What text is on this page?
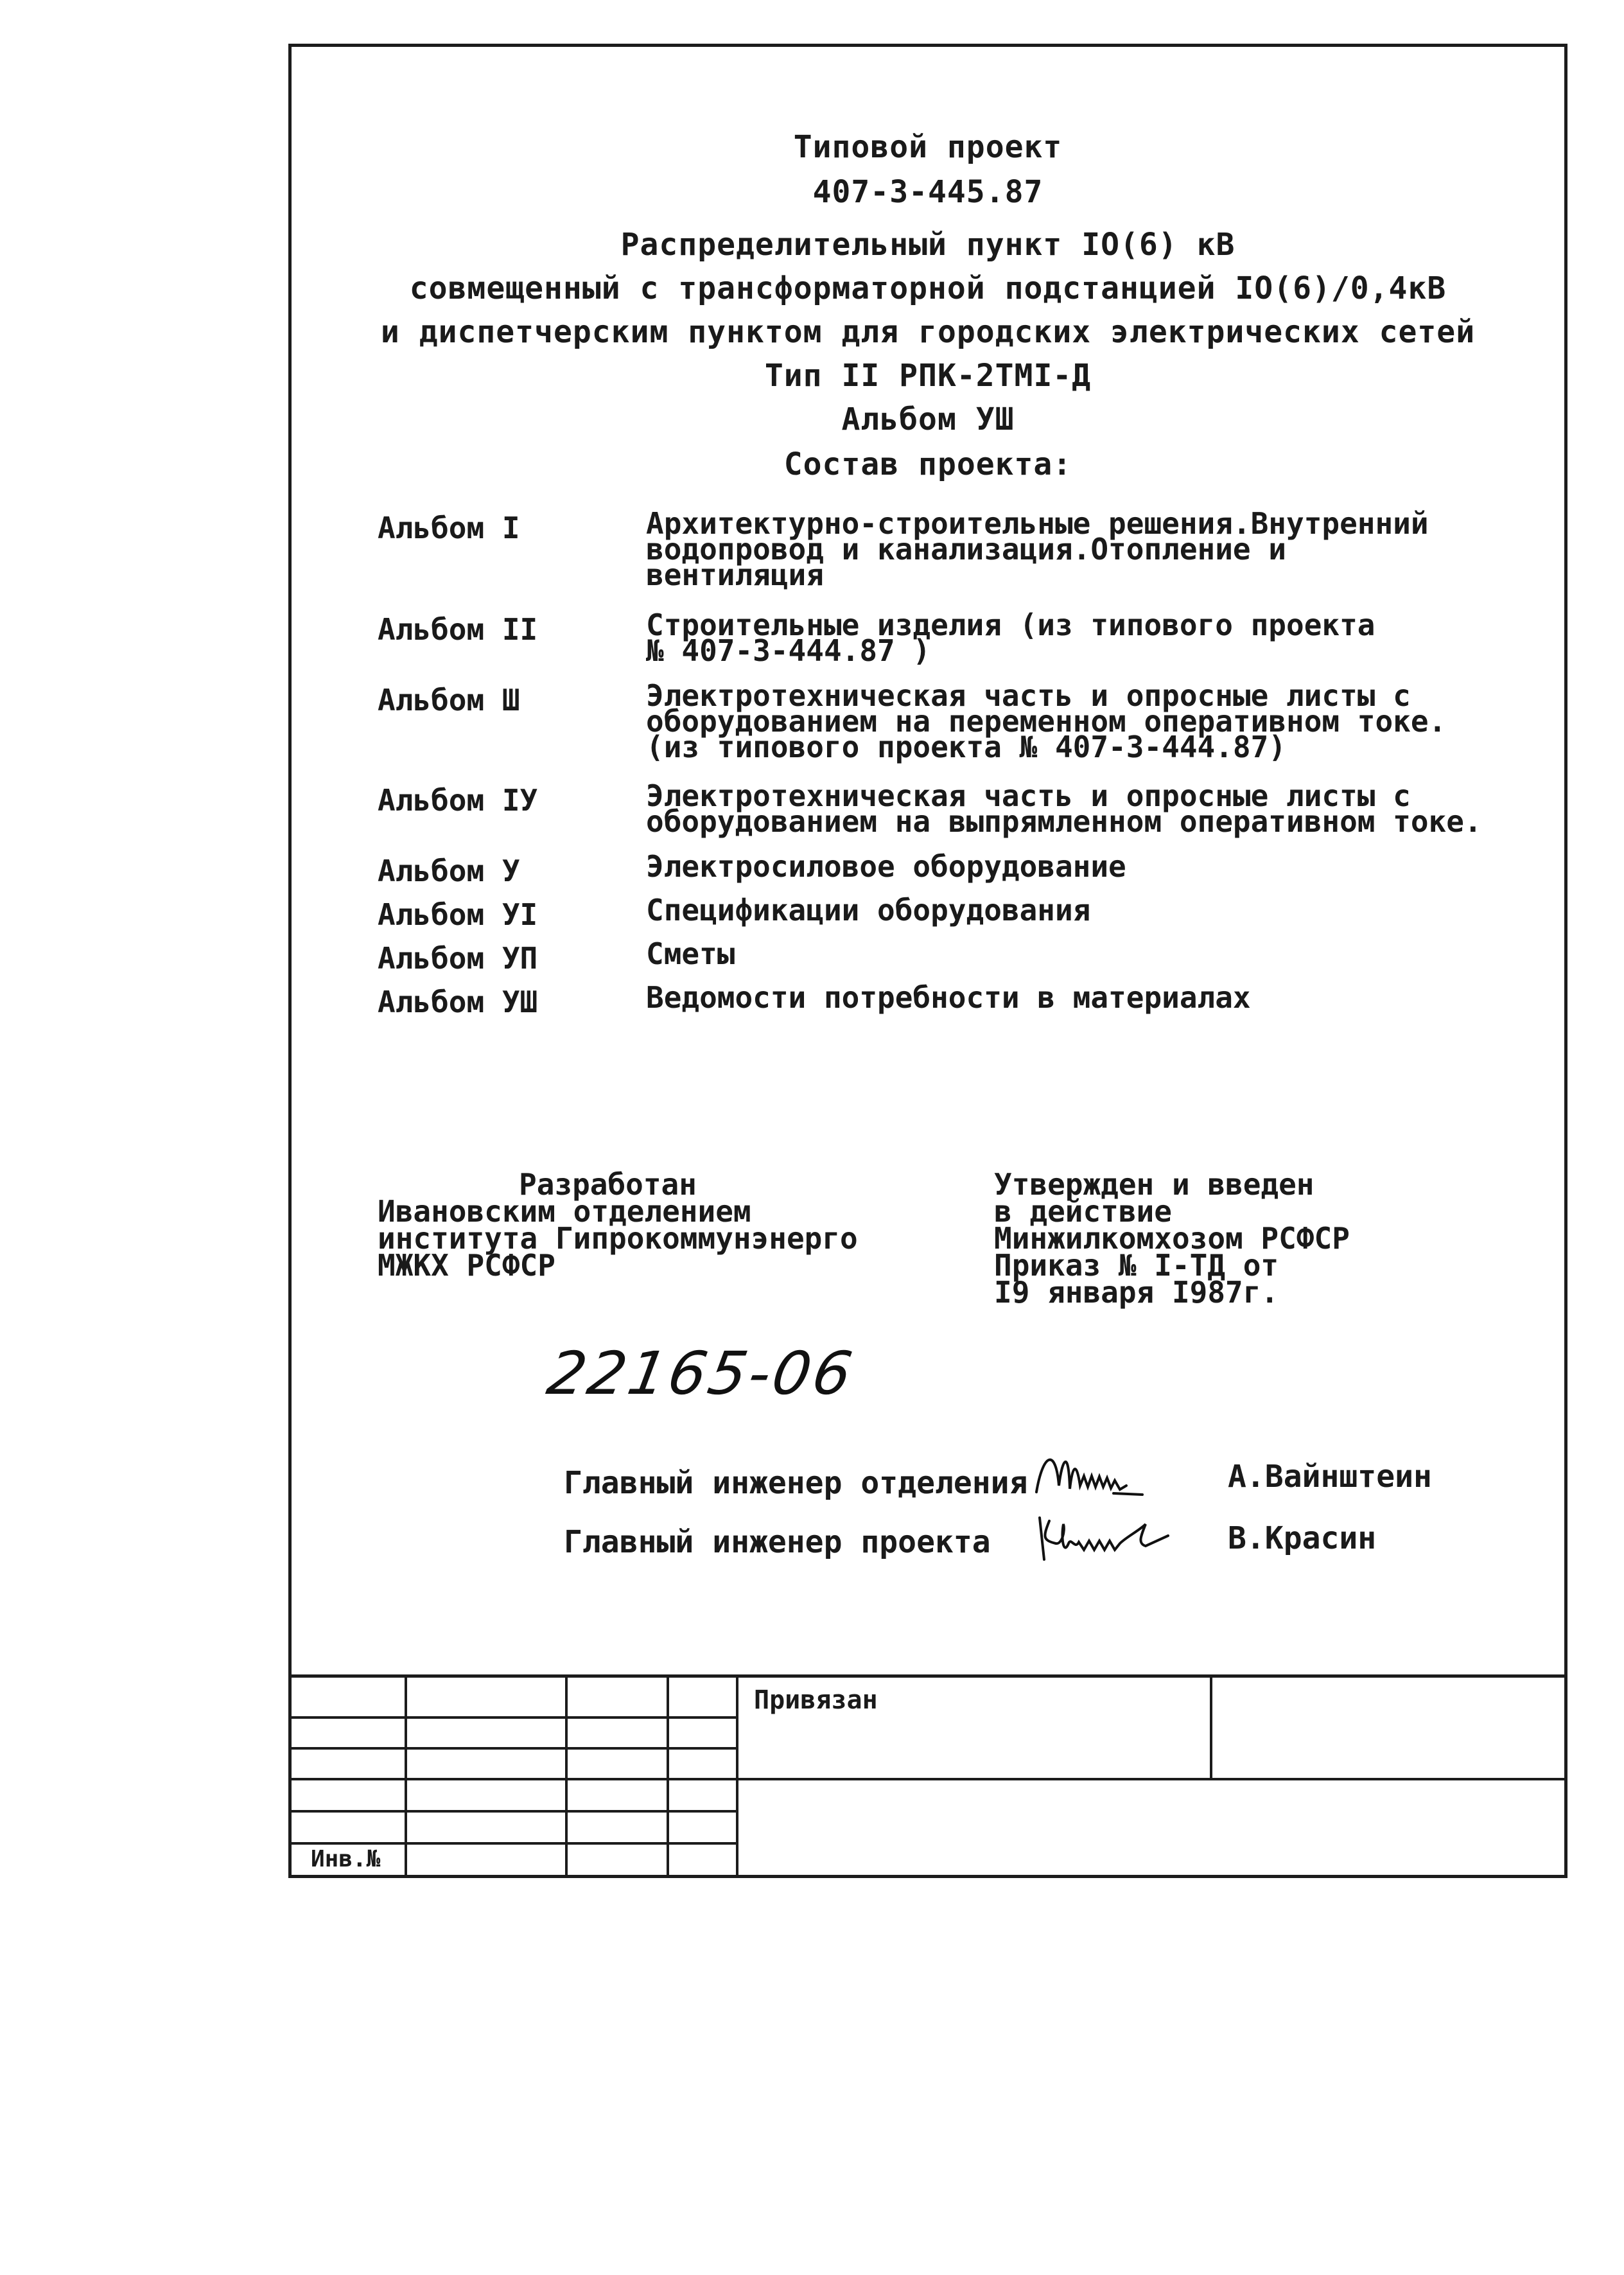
Типовой проект
407-3-445.87
Распределительный пункт IO(6) кВ
совмещенный с трансформаторной подстанцией IO(6)/0,4кВ
и диспетчерским пунктом для городских электрических сетей
Тип II РПК-2ТМI-Д
Альбом УШ
Состав проекта:
Альбом I	Архитектурно-строительные решения.Внутренний
водопровод и канализация.Отопление и
вентиляция
Альбом II	Строительные изделия (из типового проекта
№ 407-3-444.87 )
Альбом Ш	Электротехническая часть и опросные листы с
оборудованием на переменном оперативном токе.
(из типового проекта № 407-3-444.87)
Альбом IУ	Электротехническая часть и опросные листы с
оборудованием на выпрямленном оперативном токе.
Альбом У	Электросиловое оборудование
Альбом УI	Спецификации оборудования
Альбом УП	Сметы
Альбом УШ	Ведомости потребности в материалах
Разработан
Ивановским отделением
института Гипрокоммунэнерго
МЖКХ РСФСР
Утвержден и введен
в действие
Минжилкомхозом РСФСР
Приказ № I-ТД от
I9 января I987г.
22165-06
Главный инженер отделения	А.Вайнштеин
Главный инженер проекта	В.Красин
Привязан
Инв.№
